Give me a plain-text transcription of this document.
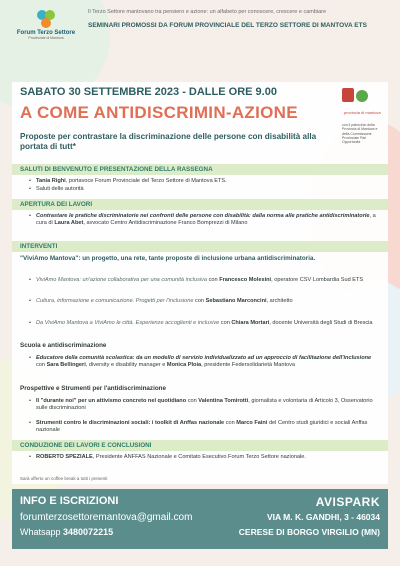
Forum Terzo Settore
Provinciale di Mantova
Il Terzo Settore mantovano tra pensiero e azione: un alfabeto per conoscere, crescere e cambiare
SEMINARI PROMOSSI DA FORUM PROVINCIALE DEL TERZO SETTORE DI MANTOVA ETS
SABATO 30 SETTEMBRE 2023 - DALLE ORE 9.00
A COME ANTIDISCRIMIN-AZIONE
Proposte per contrastare la discriminazione delle persone con disabilità alla portata di tutt*
provincia di mantova
con il patrocinio della Provincia di Mantova e della Commissione Provinciale Pari Opportunità
SALUTI DI BENVENUTO E PRESENTAZIONE DELLA RASSEGNA
• Tania Righi, portavoce Forum Provinciale del Terzo Settore di Mantova ETS.
• Saluti delle autorità
APERTURA DEI LAVORI
• Contrastare le pratiche discriminatorie nei confronti delle persone con disabilità: dalla norma alle pratiche antidiscriminatorie, a cura di Laura Abet, avvocato Centro Antidiscriminazione Franco Bomprezzi di Milano
INTERVENTI
"ViviAmo Mantova": un progetto, una rete, tante proposte di inclusione urbana antidiscriminatoria.
• ViviAmo Mantova: un'azione collaborativa per una comunità inclusiva con Francesco Molesini, operatore CSV Lombardia Sud ETS
• Cultura, informazione e comunicazione. Progetti per l'inclusione con Sebastiano Marconcini, architetto
• Da ViviAmo Mantova a ViviAmo le città. Esperienze accoglienti e inclusive con Chiara Mortari, docente Università degli Studi di Brescia
Scuola e antidiscriminazione
• Educatore della comunità scolastica: da un modello di servizio individualizzato ad un approccio di facilitazione dell'inclusione con Sara Bellingeri, diversity e disability manager e Monica Ploia, presidente Federsolidarietà Mantova
Prospettive e Strumenti per l'antidiscriminazione
• Il "durante noi" per un attivismo concreto nel quotidiano con Valentina Tomirotti, giornalista e volontaria di Articolo 3, Osservatorio sulle discriminazioni
• Strumenti contro le discriminazioni sociali: i toolkit di Anffas nazionale con Marco Faini del Centro studi giuridici e sociali Anffas nazionale
CONDUZIONE DEI LAVORI E CONCLUSIONI
• ROBERTO SPEZIALE, Presidente ANFFAS Nazionale e Comitato Esecutivo Forum Terzo Settore nazionale.
Sarà offerto un coffee break a tutti i presenti
INFO E ISCRIZIONI
forumterzosettoremantova@gmail.com
Whatsapp 3480072215
AVISPARK
VIA M. K. GANDHI, 3 - 46034
CERESE DI BORGO VIRGILIO (MN)
